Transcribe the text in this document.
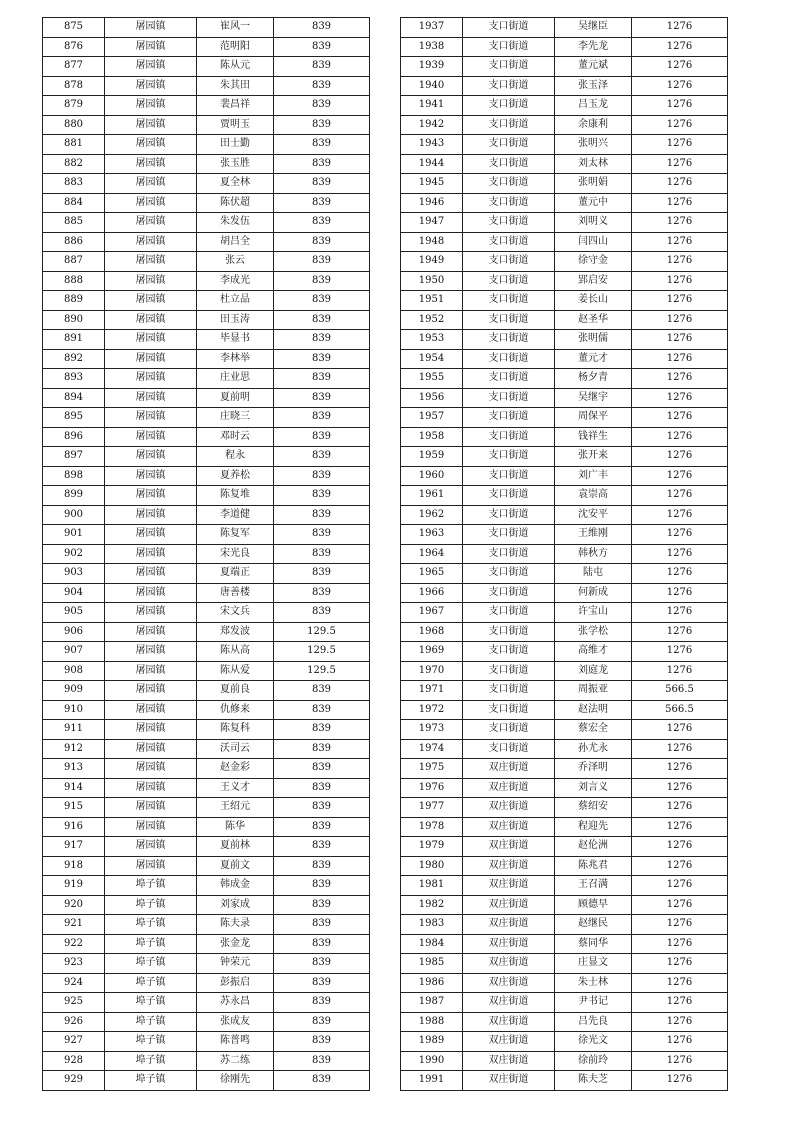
875	屠园镇	崔风一	839
876	屠园镇	范明阳	839
877	屠园镇	陈从元	839
878	屠园镇	朱其田	839
879	屠园镇	裴昌祥	839
880	屠园镇	贾明玉	839
881	屠园镇	田士勤	839
882	屠园镇	张玉胜	839
883	屠园镇	夏全林	839
884	屠园镇	陈伏超	839
885	屠园镇	朱发伍	839
886	屠园镇	胡吕全	839
887	屠园镇	张云	839
888	屠园镇	李成光	839
889	屠园镇	杜立品	839
890	屠园镇	田玉涛	839
891	屠园镇	毕显书	839
892	屠园镇	李林举	839
893	屠园镇	庄业思	839
894	屠园镇	夏前明	839
895	屠园镇	庄晓三	839
896	屠园镇	邓时云	839
897	屠园镇	程永	839
898	屠园镇	夏养松	839
899	屠园镇	陈复堆	839
900	屠园镇	李道健	839
901	屠园镇	陈复军	839
902	屠园镇	宋光良	839
903	屠园镇	夏端正	839
904	屠园镇	唐善楼	839
905	屠园镇	宋文兵	839
906	屠园镇	郑发波	129.5
907	屠园镇	陈从高	129.5
908	屠园镇	陈从爱	129.5
909	屠园镇	夏前良	839
910	屠园镇	仇修来	839
911	屠园镇	陈复科	839
912	屠园镇	沃司云	839
913	屠园镇	赵金彩	839
914	屠园镇	王义才	839
915	屠园镇	王绍元	839
916	屠园镇	陈华	839
917	屠园镇	夏前林	839
918	屠园镇	夏前文	839
919	埠子镇	韩成金	839
920	埠子镇	刘家成	839
921	埠子镇	陈夫录	839
922	埠子镇	张金龙	839
923	埠子镇	钟荣元	839
924	埠子镇	彭振启	839
925	埠子镇	苏永昌	839
926	埠子镇	张成友	839
927	埠子镇	陈普鸣	839
928	埠子镇	苏二练	839
929	埠子镇	徐刚先	839
1937	支口街道	吴继臣	1276
1938	支口街道	李先龙	1276
1939	支口街道	董元斌	1276
1940	支口街道	张玉泽	1276
1941	支口街道	吕玉龙	1276
1942	支口街道	余康利	1276
1943	支口街道	张明兴	1276
1944	支口街道	刘太林	1276
1945	支口街道	张明娟	1276
1946	支口街道	董元中	1276
1947	支口街道	刘明义	1276
1948	支口街道	闫四山	1276
1949	支口街道	徐守金	1276
1950	支口街道	郢启安	1276
1951	支口街道	姜长山	1276
1952	支口街道	赵圣华	1276
1953	支口街道	张明儒	1276
1954	支口街道	董元才	1276
1955	支口街道	杨夕青	1276
1956	支口街道	吴继宇	1276
1957	支口街道	周保平	1276
1958	支口街道	钱祥生	1276
1959	支口街道	张开来	1276
1960	支口街道	刘广丰	1276
1961	支口街道	袁崇高	1276
1962	支口街道	沈安平	1276
1963	支口街道	王维刚	1276
1964	支口街道	韩秋方	1276
1965	支口街道	陆屯	1276
1966	支口街道	何新成	1276
1967	支口街道	许宝山	1276
1968	支口街道	张学松	1276
1969	支口街道	高维才	1276
1970	支口街道	刘庭龙	1276
1971	支口街道	周振亚	566.5
1972	支口街道	赵法明	566.5
1973	支口街道	蔡宏全	1276
1974	支口街道	孙尤永	1276
1975	双庄街道	乔泽明	1276
1976	双庄街道	刘言义	1276
1977	双庄街道	蔡绍安	1276
1978	双庄街道	程迎先	1276
1979	双庄街道	赵伦洲	1276
1980	双庄街道	陈兆君	1276
1981	双庄街道	王召满	1276
1982	双庄街道	顾德早	1276
1983	双庄街道	赵继民	1276
1984	双庄街道	蔡同华	1276
1985	双庄街道	庄显文	1276
1986	双庄街道	朱士林	1276
1987	双庄街道	尹书记	1276
1988	双庄街道	吕先良	1276
1989	双庄街道	徐光文	1276
1990	双庄街道	徐前玲	1276
1991	双庄街道	陈夫芝	1276
